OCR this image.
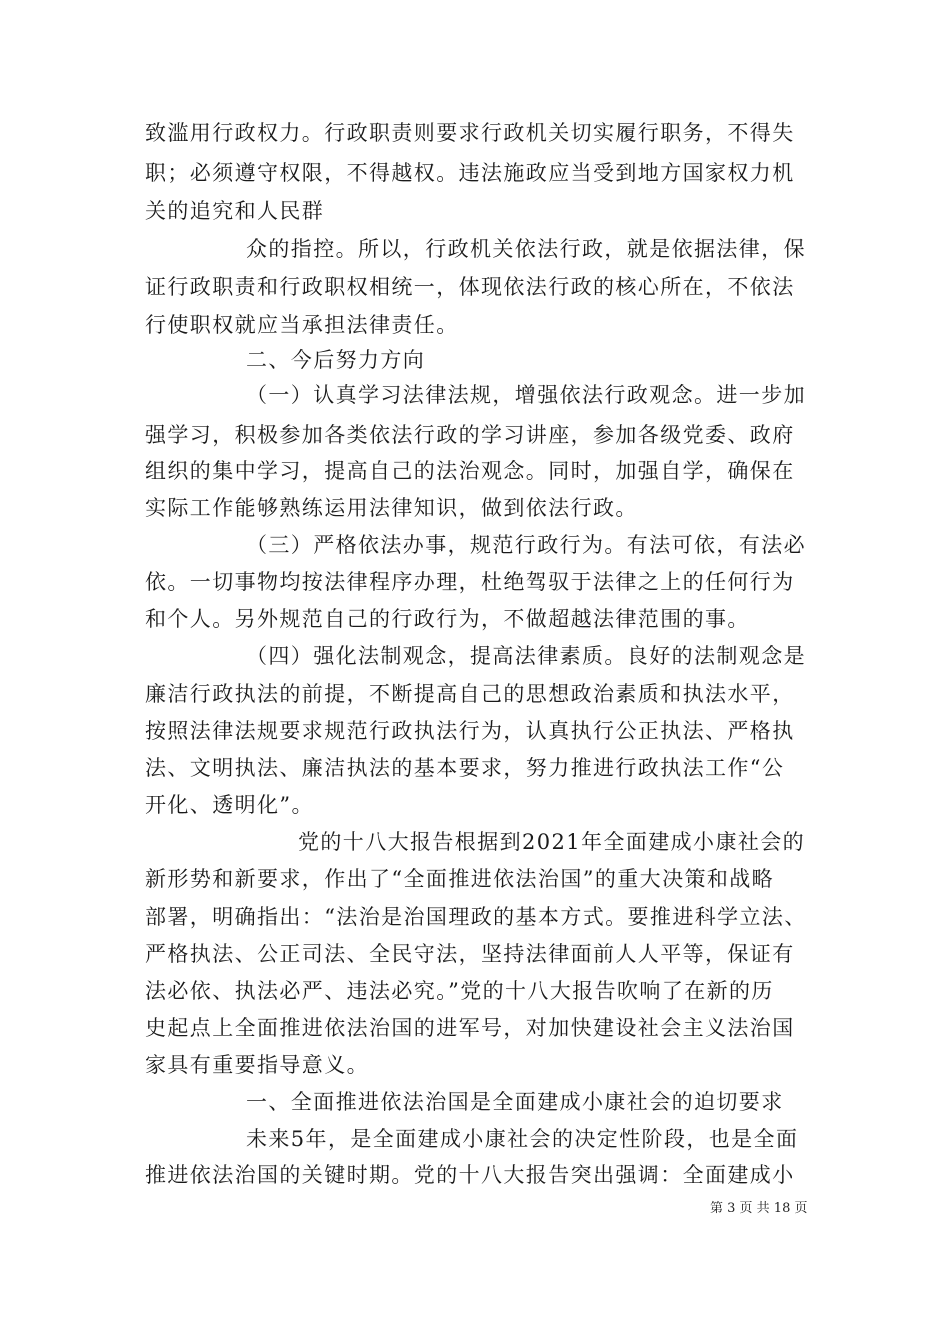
致滥用行政权力。行政职责则要求行政机关切实履行职务，不得失
职；必须遵守权限，不得越权。违法施政应当受到地方国家权力机
关的追究和人民群
众的指控。所以，行政机关依法行政，就是依据法律，保
证行政职责和行政职权相统一，体现依法行政的核心所在，不依法
行使职权就应当承担法律责任。
二、今后努力方向
（一）认真学习法律法规，增强依法行政观念。进一步加
强学习，积极参加各类依法行政的学习讲座，参加各级党委、政府
组织的集中学习，提高自己的法治观念。同时，加强自学，确保在
实际工作能够熟练运用法律知识，做到依法行政。
（三）严格依法办事，规范行政行为。有法可依，有法必
依。一切事物均按法律程序办理，杜绝驾驭于法律之上的任何行为
和个人。另外规范自己的行政行为，不做超越法律范围的事。
（四）强化法制观念，提高法律素质。良好的法制观念是
廉洁行政执法的前提，不断提高自己的思想政治素质和执法水平，
按照法律法规要求规范行政执法行为，认真执行公正执法、严格执
法、文明执法、廉洁执法的基本要求，努力推进行政执法工作“公
开化、透明化”。
党的十八大报告根据到2021年全面建成小康社会的
新形势和新要求，作出了“全面推进依法治国”的重大决策和战略
部署，明确指出：“法治是治国理政的基本方式。要推进科学立法、
严格执法、公正司法、全民守法，坚持法律面前人人平等，保证有
法必依、执法必严、违法必究。”党的十八大报告吹响了在新的历
史起点上全面推进依法治国的进军号，对加快建设社会主义法治国
家具有重要指导意义。
一、全面推进依法治国是全面建成小康社会的迫切要求
未来5年，是全面建成小康社会的决定性阶段，也是全面
推进依法治国的关键时期。党的十八大报告突出强调：全面建成小
第 3 页 共 18 页
